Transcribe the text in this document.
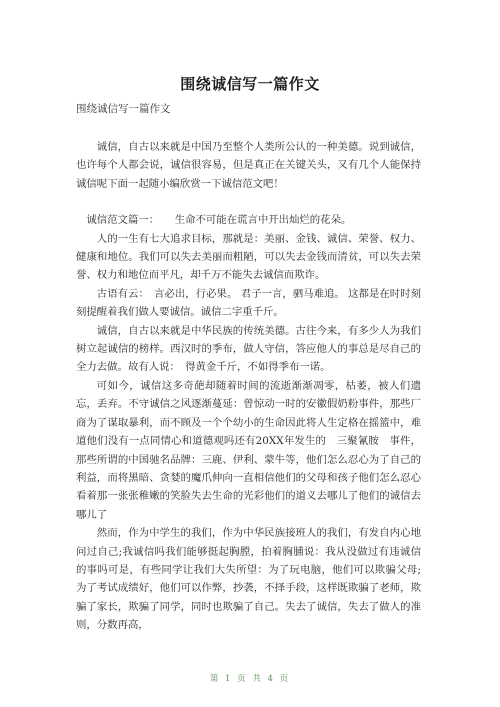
围绕诚信写一篇作文
围绕诚信写一篇作文

诚信，自古以来就是中国乃至整个人类所公认的一种美德。说到诚信，也许每个人都会说，诚信很容易，但是真正在关键关头，又有几个人能保持诚信呢下面一起随小编欣赏一下诚信范文吧！

诚信范文篇一：　　生命不可能在谎言中开出灿烂的花朵。

人的一生有七大追求目标，那就是：美丽、金钱、诚信、荣誉、权力、健康和地位。我们可以失去美丽而粗陋，可以失去金钱而清贫，可以失去荣誉、权力和地位而平凡，却千万不能失去诚信而欺诈。

古语有云：　言必出，行必果。 君子一言，驷马难追。 这都是在时时刻刻提醒着我们做人要诚信。诚信二字重千斤。

诚信，自古以来就是中华民族的传统美德。古往今来，有多少人为我们树立起诚信的榜样。西汉时的季布，做人守信，答应他人的事总是尽自己的全力去做。故有人说：　得黄金千斤，不如得季布一诺。

可如今，诚信这多奇葩却随着时间的流逝渐渐凋零，枯萎，被人们遗忘，丢弃。不守诚信之风逐渐蔓延：曾惊动一时的安徽假奶粉事件，那些厂商为了谋取暴利，而不顾及一个个幼小的生命因此将人生定格在摇篮中，难道他们没有一点同情心和道德观吗还有20XX年发生的　三聚氰胺　事件，那些所谓的中国驰名品牌：三鹿、伊利、蒙牛等，他们怎么忍心为了自己的利益，而将黑暗、贪婪的魔爪伸向一直相信他们的父母和孩子他们怎么忍心看着那一张张稚嫩的笑脸失去生命的光彩他们的道义去哪儿了他们的诚信去哪儿了

然而，作为中学生的我们，作为中华民族接班人的我们，有发自内心地问过自己;我诚信吗我们能够挺起胸膛，拍着胸脯说：我从没做过有违诚信的事吗可是，有些同学让我们大失所望：为了玩电脑，他们可以欺骗父母;为了考试成绩好，他们可以作弊，抄袭，不择手段，这样既欺骗了老师，欺骗了家长，欺骗了同学，同时也欺骗了自己。失去了诚信，失去了做人的准则，分数再高，

第 1 页 共 4 页
